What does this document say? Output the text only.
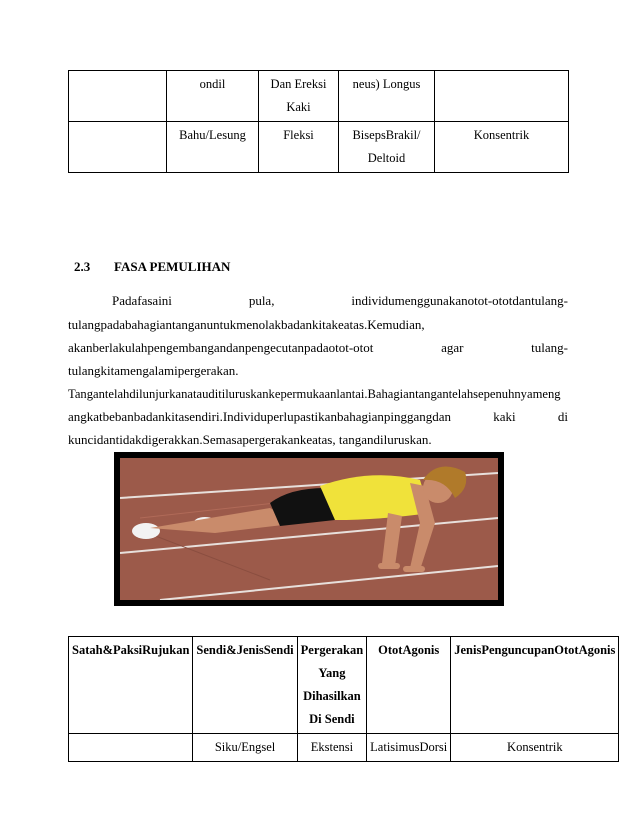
	ondil	Dan Ereksi Kaki	neus) Longus	
	Bahu/Lesung	Fleksi	BisepsBrakil/ Deltoid	Konsentrik
2.3 FASA PEMULIHAN
Padafasaini	pula,	individumenggunakanotot-ototdantulang-
tulangpadabahagiantanganuntukmenolakbadankitakeatas.Kemudian,
akanberlakulahpengembangandanpengecutanpadaotot-otot	agar	tulang-
tulangkitamengalamipergerakan.
Tangantelahdilunjurkanatauditiluruskankepermukaanlantai.Bahagiantangantelahsepenuhnyameng
angkatbebanbadankitasendiri.Individuperlupastikanbahagianpinggangdan	kaki	di
kuncidantidakdigerakkan.Semasapergerakankeatas, tangandiluruskan.
Satah&PaksiRujukan	Sendi&JenisSendi	Pergerakan Yang Dihasilkan Di Sendi	OtotAgonis	JenisPenguncupanOtotAgonis
	Siku/Engsel	Ekstensi	LatisimusDorsi	Konsentrik
